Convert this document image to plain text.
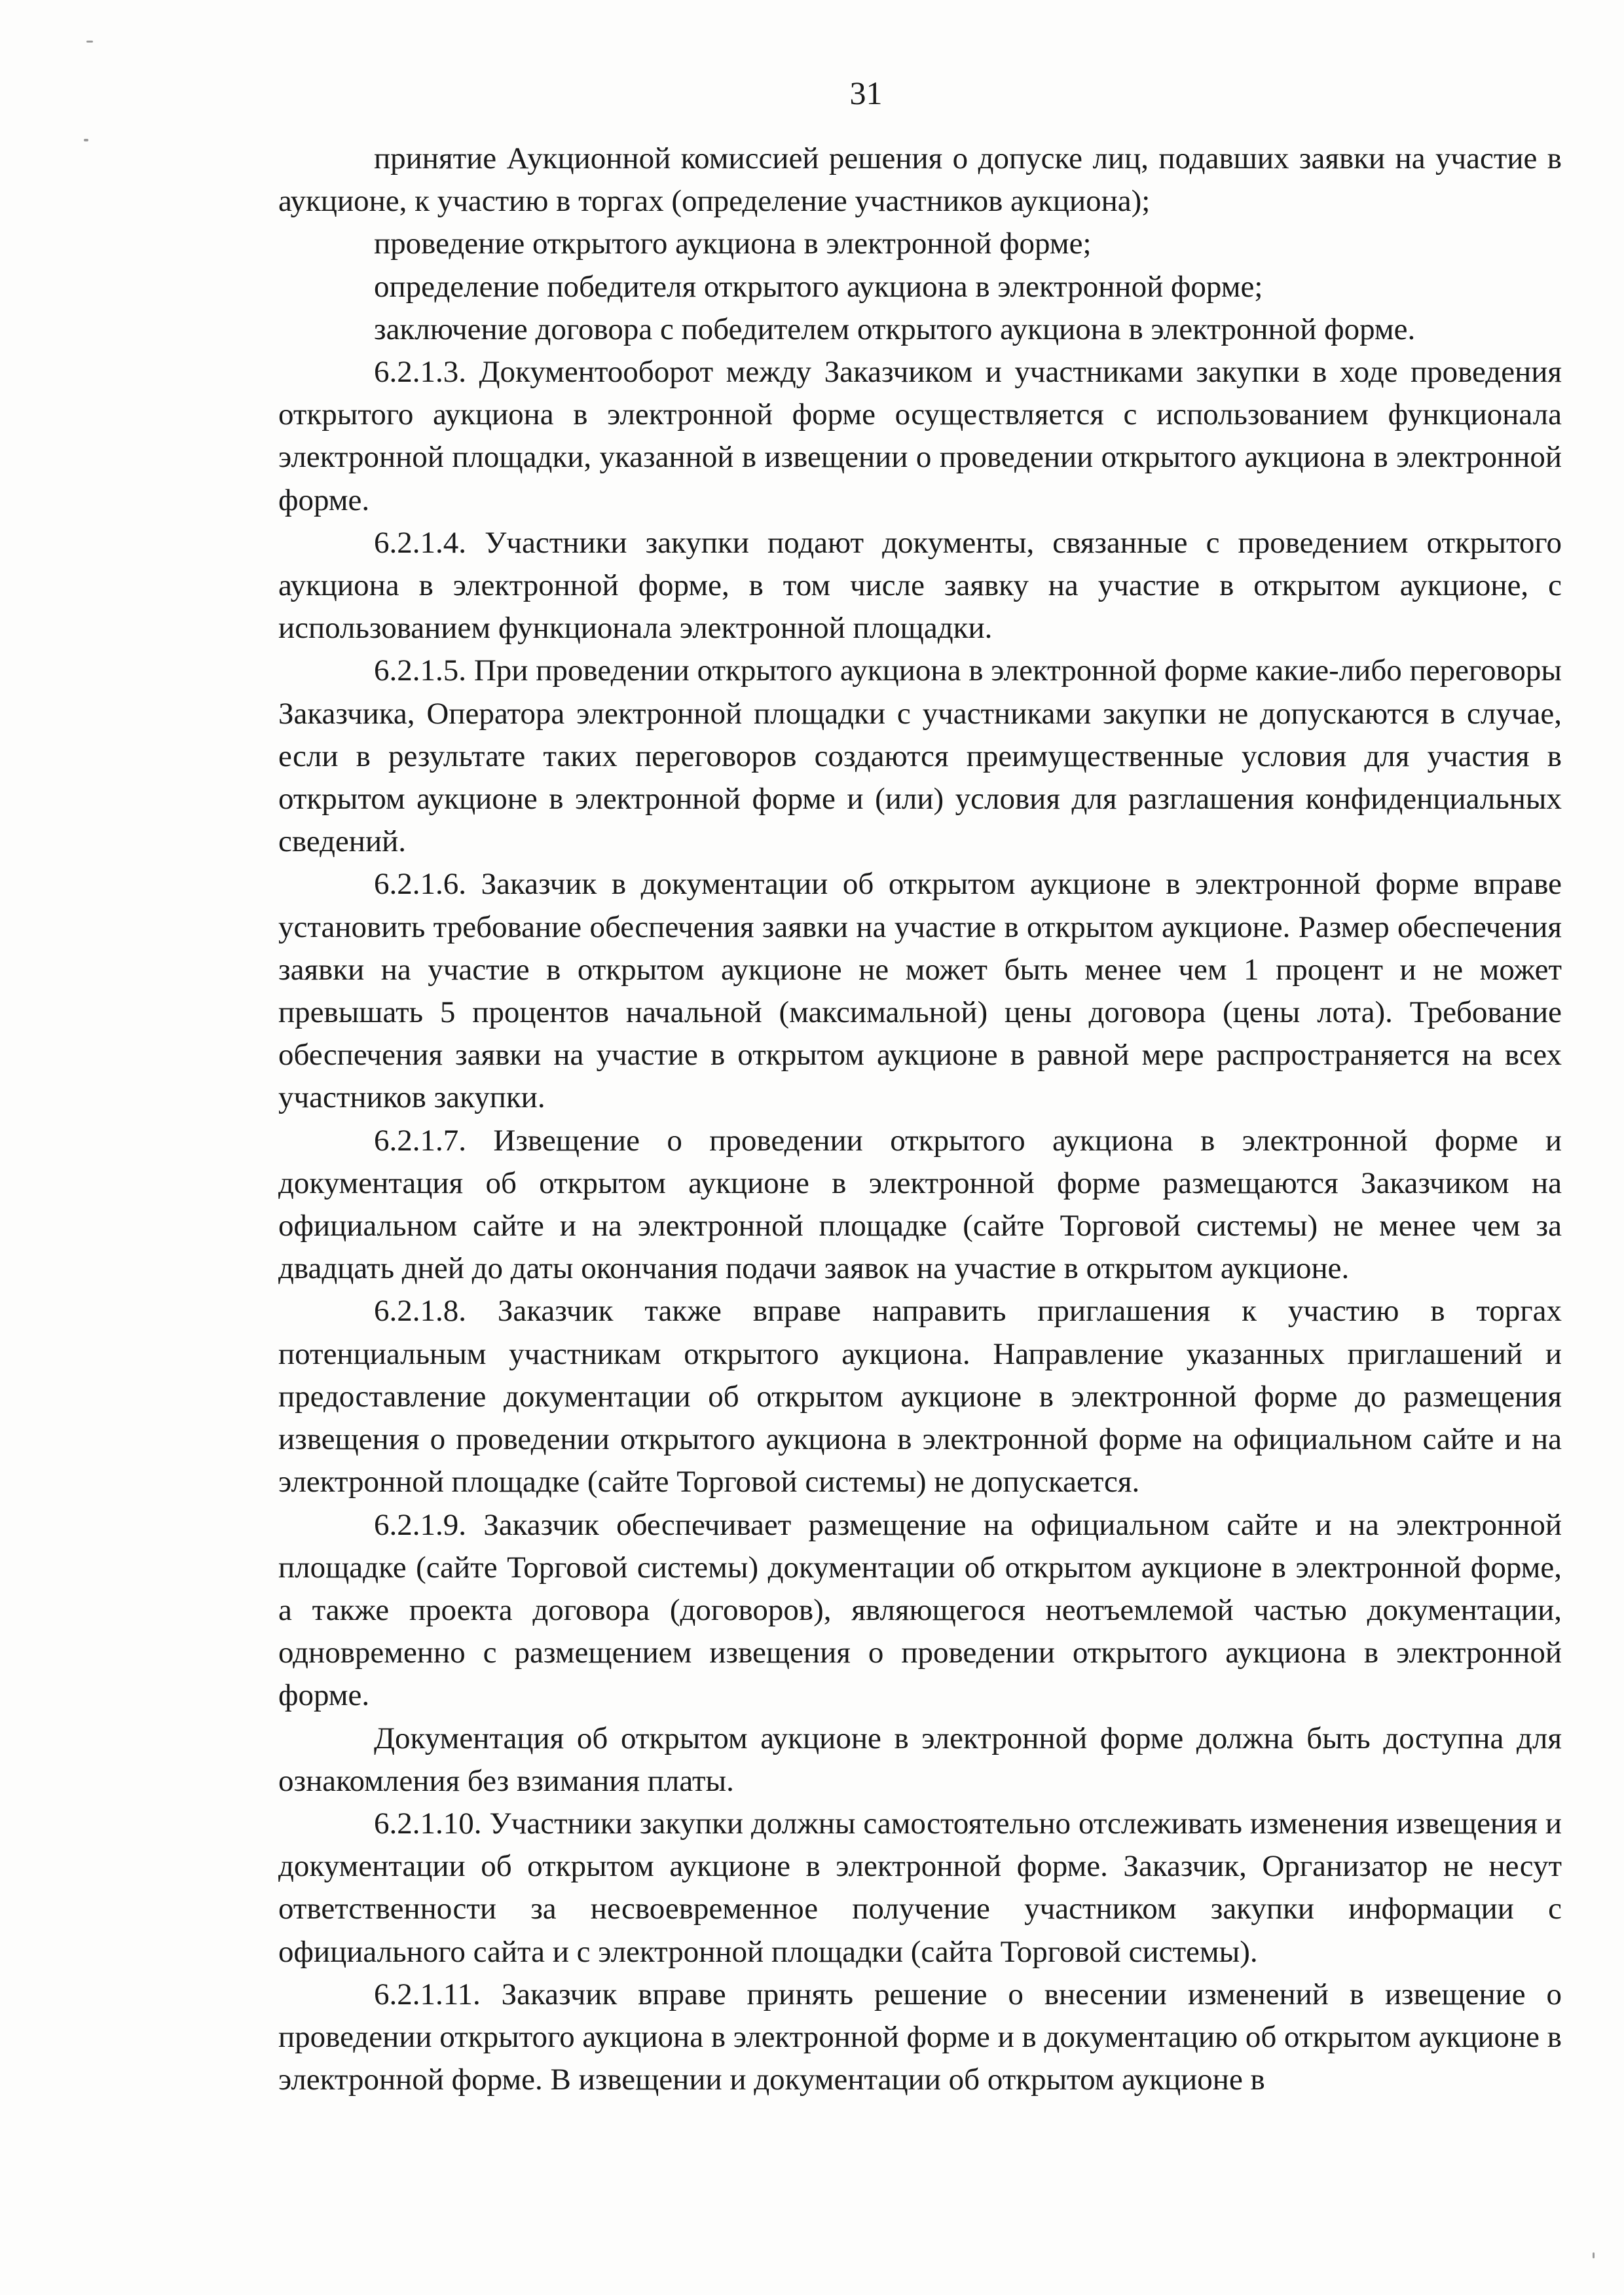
31

принятие Аукционной комиссией решения о допуске лиц, подавших заявки на участие в аукционе, к участию в торгах (определение участников аукциона);

проведение открытого аукциона в электронной форме;

определение победителя открытого аукциона в электронной форме;

заключение договора с победителем открытого аукциона в электронной форме.

6.2.1.3. Документооборот между Заказчиком и участниками закупки в ходе проведения открытого аукциона в электронной форме осуществляется с использованием функционала электронной площадки, указанной в извещении о проведении открытого аукциона в электронной форме.

6.2.1.4. Участники закупки подают документы, связанные с проведением открытого аукциона в электронной форме, в том числе заявку на участие в открытом аукционе, с использованием функционала электронной площадки.

6.2.1.5. При проведении открытого аукциона в электронной форме какие-либо переговоры Заказчика, Оператора электронной площадки с участниками закупки не допускаются в случае, если в результате таких переговоров создаются преимущественные условия для участия в открытом аукционе в электронной форме и (или) условия для разглашения конфиденциальных сведений.

6.2.1.6. Заказчик в документации об открытом аукционе в электронной форме вправе установить требование обеспечения заявки на участие в открытом аукционе. Размер обеспечения заявки на участие в открытом аукционе не может быть менее чем 1 процент и не может превышать 5 процентов начальной (максимальной) цены договора (цены лота). Требование обеспечения заявки на участие в открытом аукционе в равной мере распространяется на всех участников закупки.

6.2.1.7. Извещение о проведении открытого аукциона в электронной форме и документация об открытом аукционе в электронной форме размещаются Заказчиком на официальном сайте и на электронной площадке (сайте Торговой системы) не менее чем за двадцать дней до даты окончания подачи заявок на участие в открытом аукционе.

6.2.1.8. Заказчик также вправе направить приглашения к участию в торгах потенциальным участникам открытого аукциона. Направление указанных приглашений и предоставление документации об открытом аукционе в электронной форме до размещения извещения о проведении открытого аукциона в электронной форме на официальном сайте и на электронной площадке (сайте Торговой системы) не допускается.

6.2.1.9. Заказчик обеспечивает размещение на официальном сайте и на электронной площадке (сайте Торговой системы) документации об открытом аукционе в электронной форме, а также проекта договора (договоров), являющегося неотъемлемой частью документации, одновременно с размещением извещения о проведении открытого аукциона в электронной форме.

Документация об открытом аукционе в электронной форме должна быть доступна для ознакомления без взимания платы.

6.2.1.10. Участники закупки должны самостоятельно отслеживать изменения извещения и документации об открытом аукционе в электронной форме. Заказчик, Организатор не несут ответственности за несвоевременное получение участником закупки информации с официального сайта и с электронной площадки (сайта Торговой системы).

6.2.1.11. Заказчик вправе принять решение о внесении изменений в извещение о проведении открытого аукциона в электронной форме и в документацию об открытом аукционе в электронной форме. В извещении и документации об открытом аукционе в
